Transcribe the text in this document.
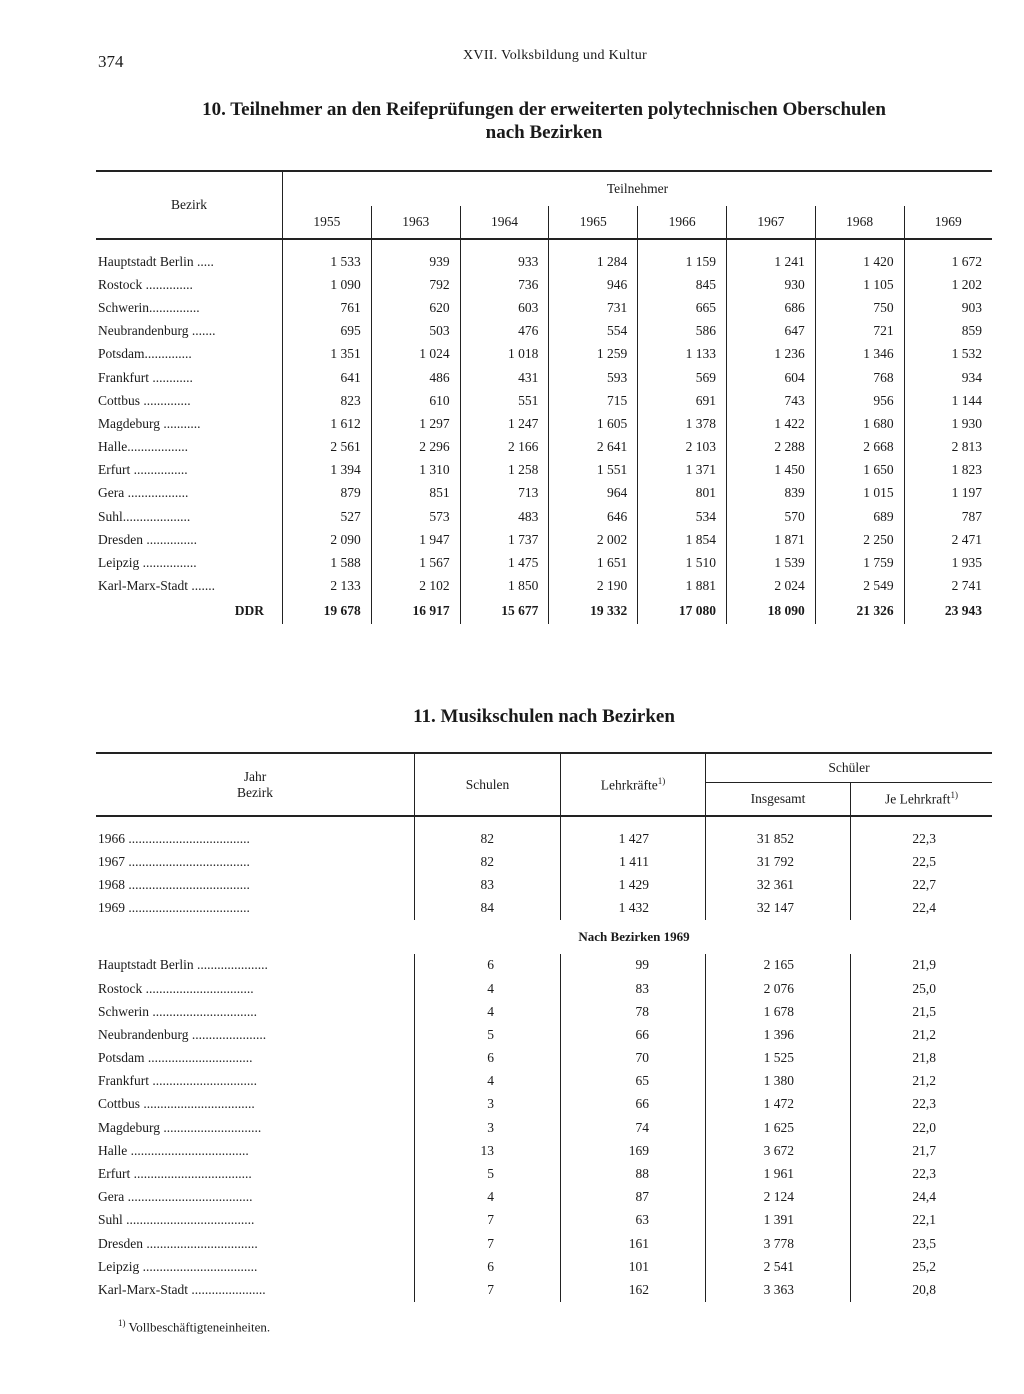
374	XVII. Volksbildung und Kultur
10. Teilnehmer an den Reifeprüfungen der erweiterten polytechnischen Oberschulen
nach Bezirken
Bezirk	Teilnehmer							
	1955	1963	1964	1965	1966	1967	1968	1969
Hauptstadt Berlin .....	1 533	939	933	1 284	1 159	1 241	1 420	1 672
Rostock ..............	1 090	792	736	946	845	930	1 105	1 202
Schwerin...............	761	620	603	731	665	686	750	903
Neubrandenburg .......	695	503	476	554	586	647	721	859
Potsdam..............	1 351	1 024	1 018	1 259	1 133	1 236	1 346	1 532
Frankfurt ............	641	486	431	593	569	604	768	934
Cottbus ..............	823	610	551	715	691	743	956	1 144
Magdeburg ...........	1 612	1 297	1 247	1 605	1 378	1 422	1 680	1 930
Halle..................	2 561	2 296	2 166	2 641	2 103	2 288	2 668	2 813
Erfurt ................	1 394	1 310	1 258	1 551	1 371	1 450	1 650	1 823
Gera ..................	879	851	713	964	801	839	1 015	1 197
Suhl....................	527	573	483	646	534	570	689	787
Dresden ...............	2 090	1 947	1 737	2 002	1 854	1 871	2 250	2 471
Leipzig ................	1 588	1 567	1 475	1 651	1 510	1 539	1 759	1 935
Karl-Marx-Stadt .......	2 133	2 102	1 850	2 190	1 881	2 024	2 549	2 741
DDR	19 678	16 917	15 677	19 332	17 080	18 090	21 326	23 943
11. Musikschulen nach Bezirken
Jahr
Bezirk	Schulen	Lehrkräfte$^{1)}$	Schüler	
			Insgesamt	Je Lehrkraft$^{1)}$
1966 ....................................	82	1 427	31 852	22,3
1967 ....................................	82	1 411	31 792	22,5
1968 ....................................	83	1 429	32 361	22,7
1969 ....................................	84	1 432	32 147	22,4
Nach Bezirken 1969				
Hauptstadt Berlin .....................	6	99	2 165	21,9
Rostock ................................	4	83	2 076	25,0
Schwerin ...............................	4	78	1 678	21,5
Neubrandenburg ......................	5	66	1 396	21,2
Potsdam ...............................	6	70	1 525	21,8
Frankfurt ...............................	4	65	1 380	21,2
Cottbus .................................	3	66	1 472	22,3
Magdeburg .............................	3	74	1 625	22,0
Halle ...................................	13	169	3 672	21,7
Erfurt ...................................	5	88	1 961	22,3
Gera .....................................	4	87	2 124	24,4
Suhl ......................................	7	63	1 391	22,1
Dresden .................................	7	161	3 778	23,5
Leipzig ..................................	6	101	2 541	25,2
Karl-Marx-Stadt ......................	7	162	3 363	20,8
$^{1)}$ Vollbeschäftigteneinheiten.
